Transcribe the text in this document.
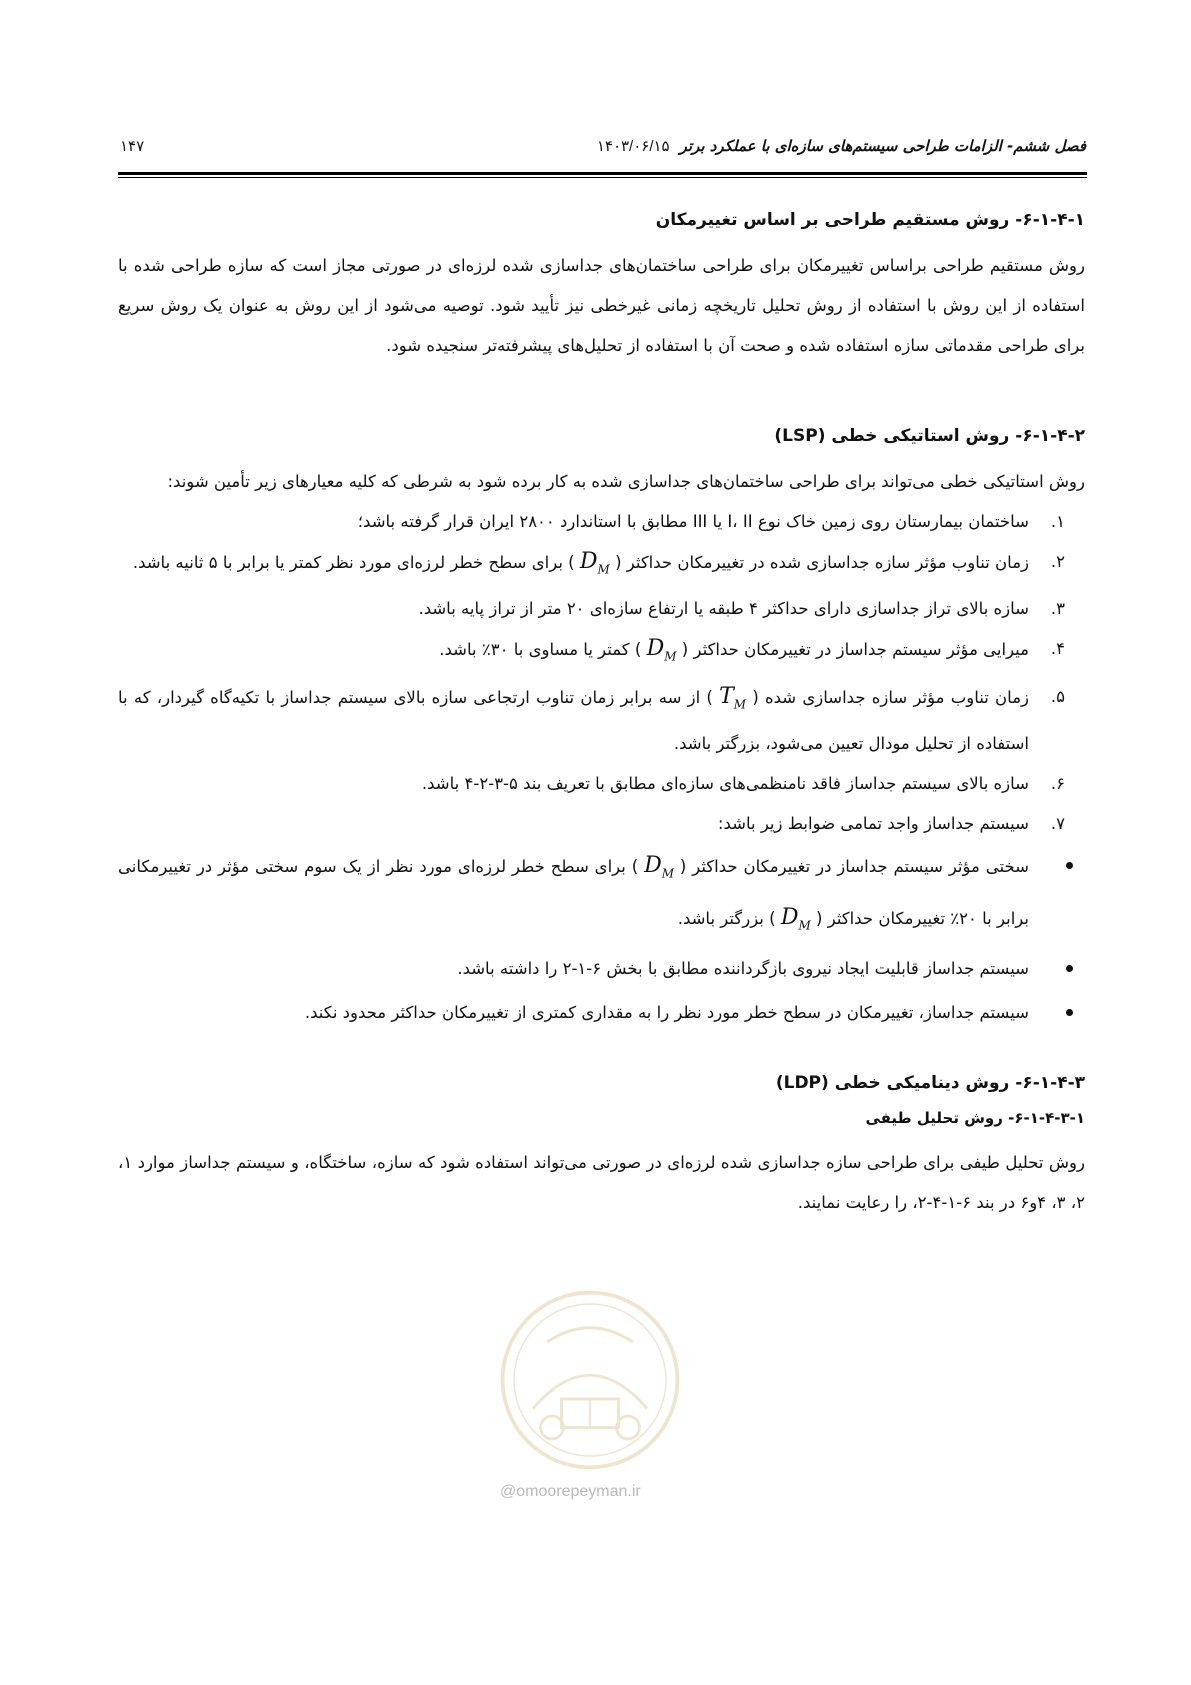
فصل ششم- الزامات طراحی سیستم‌های سازه‌ای با عملکرد برتر
۱۴۰۳/۰۶/۱۵
۱۴۷
۶-۱-۴-۱- روش مستقیم طراحی بر اساس تغییرمکان

روش مستقیم طراحی براساس تغییرمکان برای طراحی ساختمان‌های جداسازی شده لرزه‌ای در صورتی مجاز است که سازه طراحی شده با استفاده از این روش با استفاده از روش تحلیل تاریخچه زمانی غیرخطی نیز تأیید شود. توصیه می‌شود از این روش به عنوان یک روش سریع برای طراحی مقدماتی سازه استفاده شده و صحت آن با استفاده از تحلیل‌های پیشرفته‌تر سنجیده شود.

۶-۱-۴-۲- روش استاتیکی خطی (LSP)

روش استاتیکی خطی می‌تواند برای طراحی ساختمان‌های جداسازی شده به کار برده شود به شرطی که کلیه معیارهای زیر تأمین شوند:

۱.
ساختمان بیمارستان روی زمین خاک نوع I، II یا III مطابق با استاندارد ۲۸۰۰ ایران قرار گرفته باشد؛
۲.
زمان تناوب مؤثر سازه جداسازی شده در تغییرمکان حداکثر ( $D_M$ ) برای سطح خطر لرزه‌ای مورد نظر کمتر یا برابر با ۵ ثانیه باشد.
۳.
سازه بالای تراز جداسازی دارای حداکثر ۴ طبقه یا ارتفاع سازه‌ای ۲۰ متر از تراز پایه باشد.
۴.
میرایی مؤثر سیستم جداساز در تغییرمکان حداکثر ( $D_M$ ) کمتر یا مساوی با ۳۰٪ باشد.
۵.
زمان تناوب مؤثر سازه جداسازی شده ( $T_M$ ) از سه برابر زمان تناوب ارتجاعی سازه بالای سیستم جداساز با تکیه‌گاه گیردار، که با استفاده از تحلیل مودال تعیین می‌شود، بزرگتر باشد.
۶.
سازه بالای سیستم جداساز فاقد نامنظمی‌های سازه‌ای مطابق با تعریف بند ۵-۳-۲-۴ باشد.
۷.
سیستم جداساز واجد تمامی ضوابط زیر باشد:
سختی مؤثر سیستم جداساز در تغییرمکان حداکثر ( $D_M$ ) برای سطح خطر لرزه‌ای مورد نظر از یک سوم سختی مؤثر در تغییرمکانی برابر با ۲۰٪ تغییرمکان حداکثر ( $D_M$ ) بزرگتر باشد.
سیستم جداساز قابلیت ایجاد نیروی بازگرداننده مطابق با بخش ۶-۱-۲ را داشته باشد.
سیستم جداساز، تغییرمکان در سطح خطر مورد نظر را به مقداری کمتری از تغییرمکان حداکثر محدود نکند.
۶-۱-۴-۳- روش دینامیکی خطی (LDP)
۶-۱-۴-۳-۱- روش تحلیل طیفی

روش تحلیل طیفی برای طراحی سازه جداسازی شده لرزه‌ای در صورتی می‌تواند استفاده شود که سازه، ساختگاه، و سیستم جداساز موارد ۱، ۲، ۳، ۴و۶ در بند ۶-۱-۴-۲، را رعایت نمایند.

@omoorepeyman.ir
